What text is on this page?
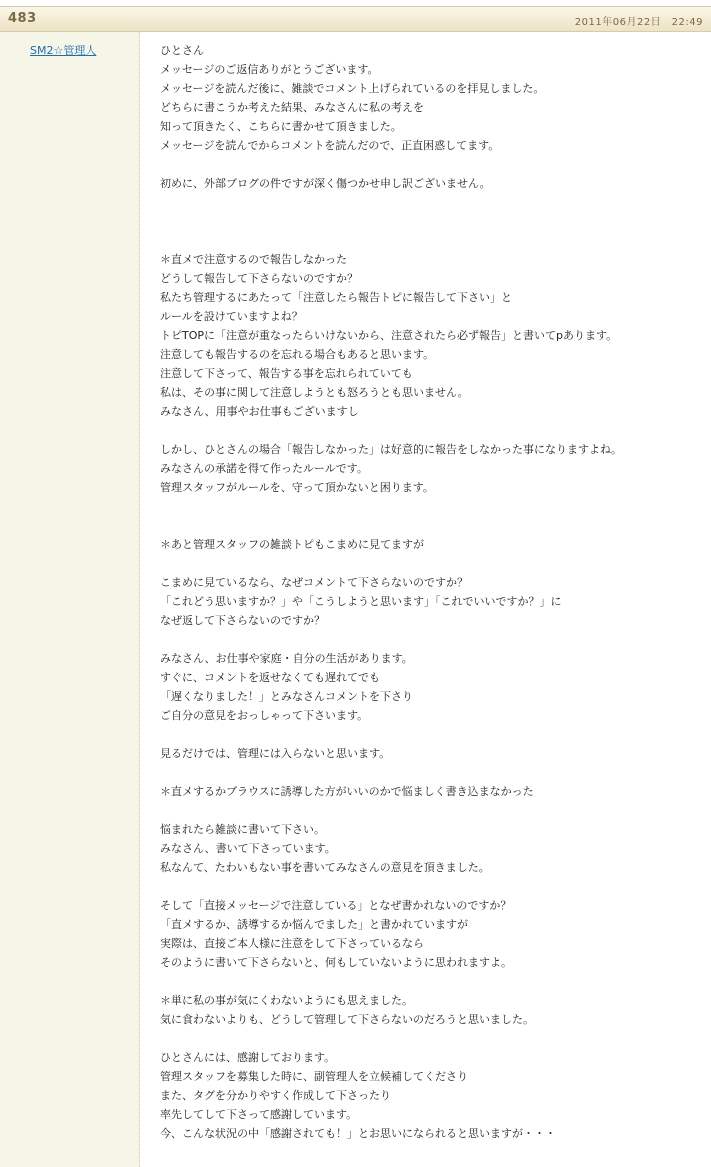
483	2011年06月22日　22:49
SM2☆管理人	ひとさん
メッセージのご返信ありがとうございます。
メッセージを読んだ後に、雑談でコメント上げられているのを拝見しました。
どちらに書こうか考えた結果、みなさんに私の考えを
知って頂きたく、こちらに書かせて頂きました。
メッセージを読んでからコメントを読んだので、正直困惑してます。
初めに、外部ブログの件ですが深く傷つかせ申し訳ございません。
＊直メで注意するので報告しなかった
どうして報告して下さらないのですか？
私たち管理するにあたって「注意したら報告トピに報告して下さい」と
ルールを設けていますよね？
トピTOPに「注意が重なったらいけないから、注意されたら必ず報告」と書いてpあります。
注意しても報告するのを忘れる場合もあると思います。
注意して下さって、報告する事を忘れられていても
私は、その事に関して注意しようとも怒ろうとも思いません。
みなさん、用事やお仕事もございますし
しかし、ひとさんの場合「報告しなかった」は好意的に報告をしなかった事になりますよね。
みなさんの承諾を得て作ったルールです。
管理スタッフがルールを、守って頂かないと困ります。
＊あと管理スタッフの雑談トピもこまめに見てますが
こまめに見ているなら、なぜコメントて下さらないのですか？
「これどう思いますか？」や「こうしようと思います」「これでいいですか？」に
なぜ返して下さらないのですか？
みなさん、お仕事や家庭・自分の生活があります。
すぐに、コメントを返せなくても遅れてでも
「遅くなりました！」とみなさんコメントを下さり
ご自分の意見をおっしゃって下さいます。
見るだけでは、管理には入らないと思います。
＊直メするかブラウスに誘導した方がいいのかで悩ましく書き込まなかった
悩まれたら雑談に書いて下さい。
みなさん、書いて下さっています。
私なんて、たわいもない事を書いてみなさんの意見を頂きました。
そして「直接メッセージで注意している」となぜ書かれないのですか？
「直メするか、誘導するか悩んでました」と書かれていますが
実際は、直接ご本人様に注意をして下さっているなら
そのように書いて下さらないと、何もしていないように思われますよ。
＊単に私の事が気にくわないようにも思えました。
気に食わないよりも、どうして管理して下さらないのだろうと思いました。
ひとさんには、感謝しております。
管理スタッフを募集した時に、副管理人を立候補してくださり
また、タグを分かりやすく作成して下さったり
率先してして下さって感謝しています。
今、こんな状況の中「感謝されても！」とお思いになられると思いますが・・・
